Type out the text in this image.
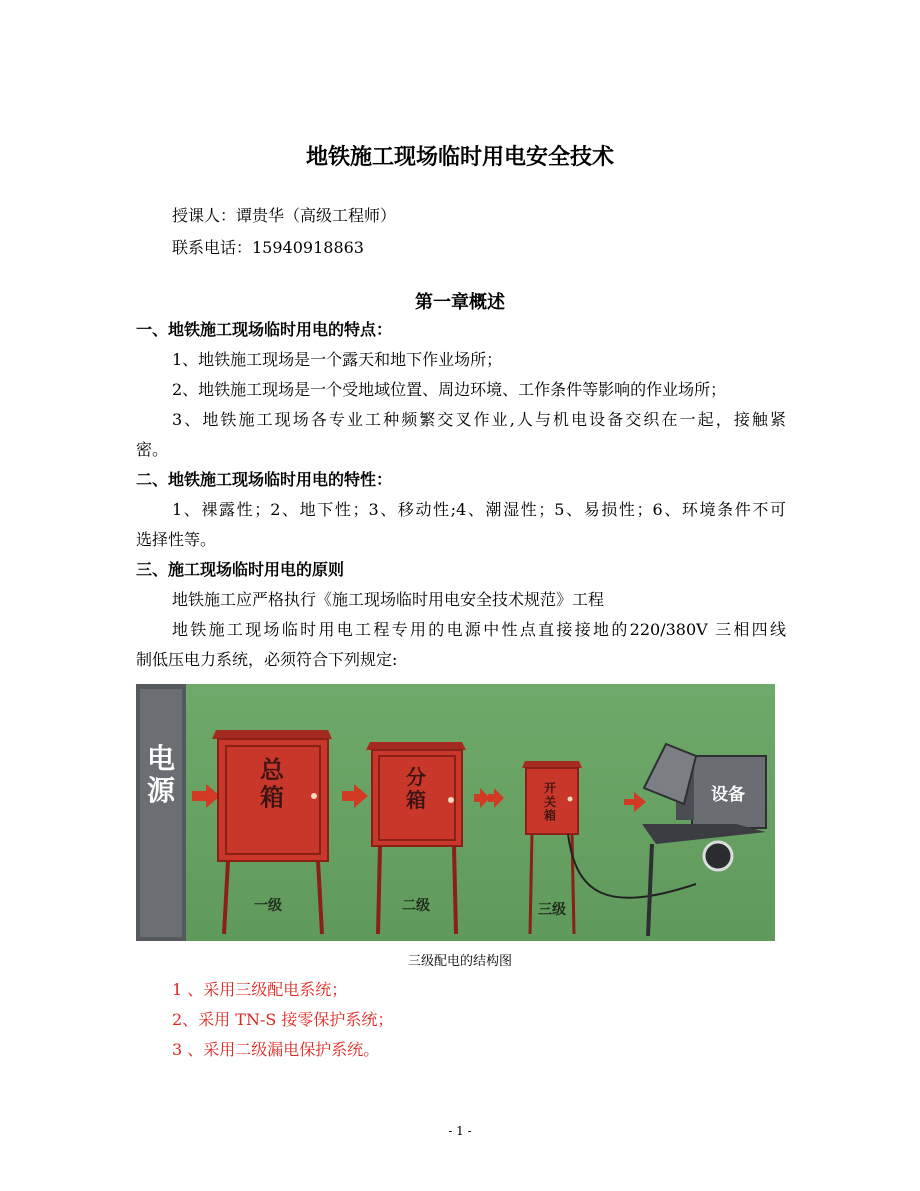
地铁施工现场临时用电安全技术
授课人：谭贵华（高级工程师）
联系电话：15940918863
第一章概述
一、地铁施工现场临时用电的特点：
1、地铁施工现场是一个露天和地下作业场所；
2、地铁施工现场是一个受地域位置、周边环境、工作条件等影响的作业场所；
3、地铁施工现场各专业工种频繁交叉作业,人与机电设备交织在一起，接触紧
密。
二、地铁施工现场临时用电的特性：
1、裸露性；2、地下性；3、移动性;4、潮湿性；5、易损性；6、环境条件不可
选择性等。
三、施工现场临时用电的原则
地铁施工应严格执行《施工现场临时用电安全技术规范》工程
地铁施工现场临时用电工程专用的电源中性点直接接地的220/380V 三相四线
制低压电力系统，必须符合下列规定:
电源
总箱
分箱	开关箱
设备
一级	二级	三级
三级配电的结构图
1 、采用三级配电系统；
2、采用 TN-S 接零保护系统；
3 、采用二级漏电保护系统。
- 1 -
